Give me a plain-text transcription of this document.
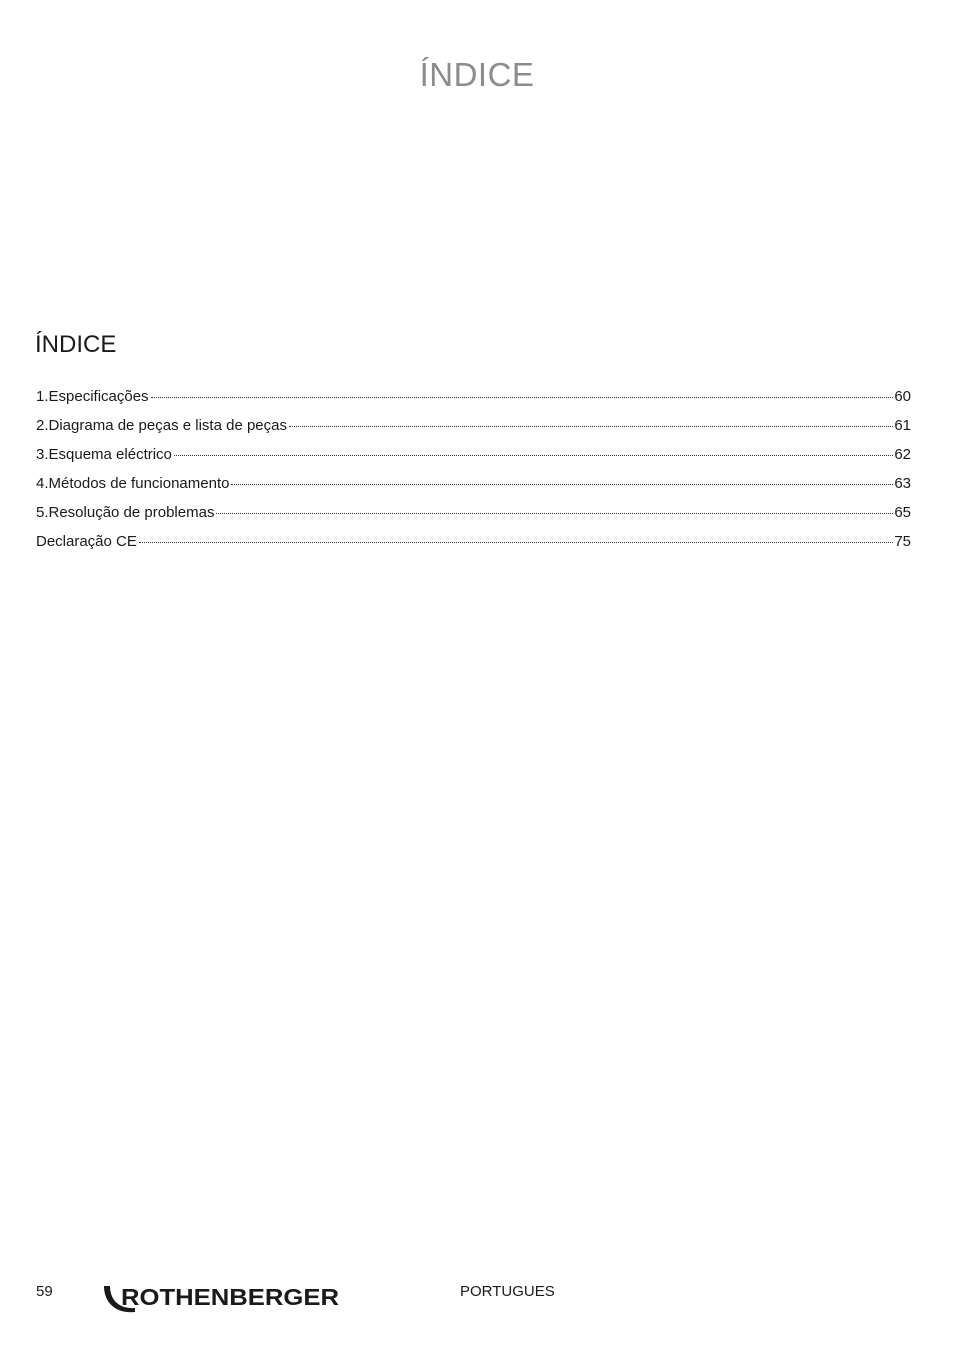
ÍNDICE
ÍNDICE
1.Especificações	60
2.Diagrama de peças e lista de peças	61
3.Esquema eléctrico	62
4.Métodos de funcionamento	63
5.Resolução de problemas	65
Declaração CE	75
59	ROTHENBERGER	PORTUGUES
